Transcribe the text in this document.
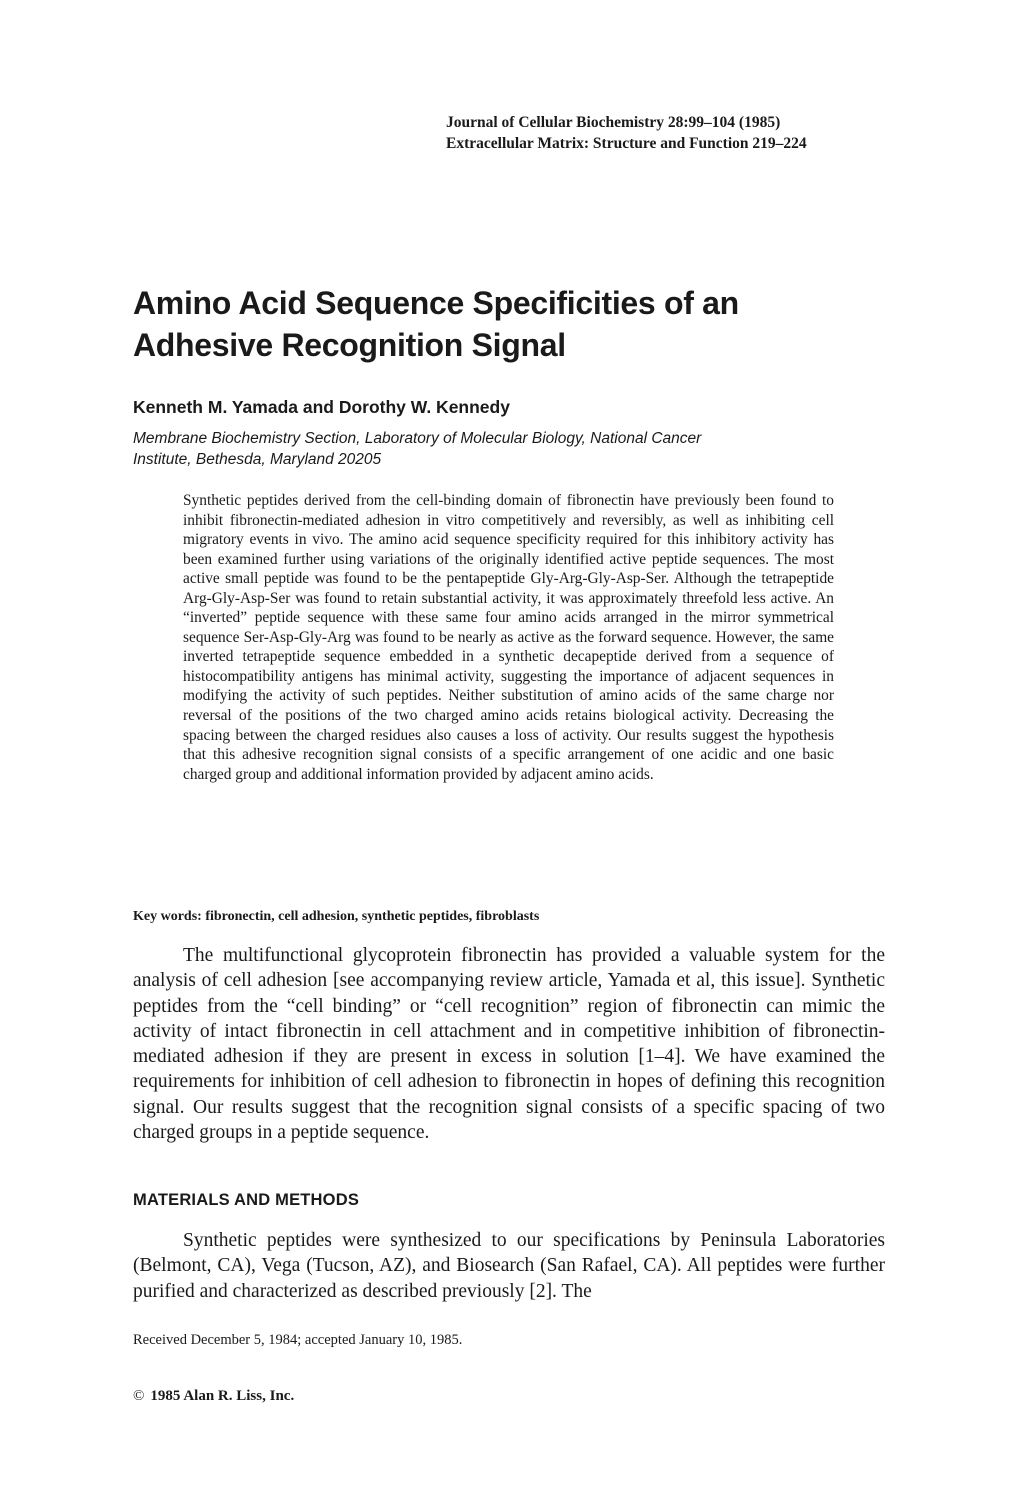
Journal of Cellular Biochemistry 28:99–104 (1985)
Extracellular Matrix: Structure and Function 219–224
Amino Acid Sequence Specificities of an
Adhesive Recognition Signal
Kenneth M. Yamada and Dorothy W. Kennedy
Membrane Biochemistry Section, Laboratory of Molecular Biology, National Cancer
Institute, Bethesda, Maryland 20205

Synthetic peptides derived from the cell-binding domain of fibronectin have previously been found to inhibit fibronectin-mediated adhesion in vitro competitively and reversibly, as well as inhibiting cell migratory events in vivo. The amino acid sequence specificity required for this inhibitory activity has been examined further using variations of the originally identified active peptide sequences. The most active small peptide was found to be the pentapeptide Gly-Arg-Gly-Asp-Ser. Although the tetrapeptide Arg-Gly-Asp-Ser was found to retain substantial activity, it was approximately threefold less active. An “inverted” peptide sequence with these same four amino acids arranged in the mirror symmetrical sequence Ser-Asp-Gly-Arg was found to be nearly as active as the forward sequence. However, the same inverted tetrapeptide sequence embedded in a synthetic decapeptide derived from a sequence of histocompatibility antigens has minimal activity, suggesting the importance of adjacent sequences in modifying the activity of such peptides. Neither substitution of amino acids of the same charge nor reversal of the positions of the two charged amino acids retains biological activity. Decreasing the spacing between the charged residues also causes a loss of activity. Our results suggest the hypothesis that this adhesive recognition signal consists of a specific arrangement of one acidic and one basic charged group and additional information provided by adjacent amino acids.

Key words: fibronectin, cell adhesion, synthetic peptides, fibroblasts

The multifunctional glycoprotein fibronectin has provided a valuable system for the analysis of cell adhesion [see accompanying review article, Yamada et al, this issue]. Synthetic peptides from the “cell binding” or “cell recognition” region of fibronectin can mimic the activity of intact fibronectin in cell attachment and in competitive inhibition of fibronectin-mediated adhesion if they are present in excess in solution [1–4]. We have examined the requirements for inhibition of cell adhesion to fibronectin in hopes of defining this recognition signal. Our results suggest that the recognition signal consists of a specific spacing of two charged groups in a peptide sequence.

MATERIALS AND METHODS

Synthetic peptides were synthesized to our specifications by Peninsula Laboratories (Belmont, CA), Vega (Tucson, AZ), and Biosearch (San Rafael, CA). All peptides were further purified and characterized as described previously [2]. The

Received December 5, 1984; accepted January 10, 1985.
© 1985 Alan R. Liss, Inc.
